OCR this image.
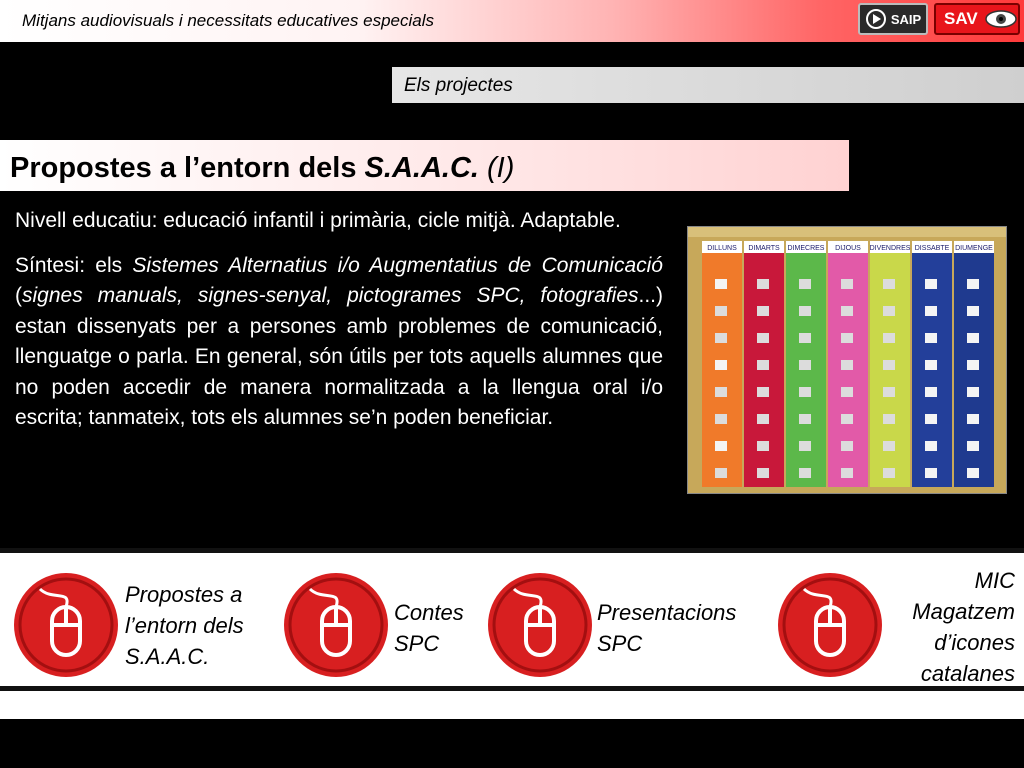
Mitjans audiovisuals i necessitats educatives especials	SAIP SAV
Els projectes
Propostes a l’entorn dels S.A.A.C. (I)

Nivell educatiu: educació infantil i primària, cicle mitjà. Adaptable.

Síntesi: els Sistemes Alternatius i/o Augmentatius de Comunicació (signes manuals, signes-senyal, pictogrames SPC, fotografies...) estan dissenyats per a persones amb problemes de comunicació, llenguatge o parla. En general, són útils per tots aquells alumnes que no poden accedir de manera normalitzada a la llengua oral i/o escrita; tanmateix, tots els alumnes se’n poden beneficiar.

DILLUNS DIMARTS DIMECRES DIJOUS DIVENDRES DISSABTE DIUMENGE
Propostes a
l’entorn dels
S.A.A.C.
Contes
SPC
Presentacions
SPC
MIC
Magatzem
d’icones
catalanes
